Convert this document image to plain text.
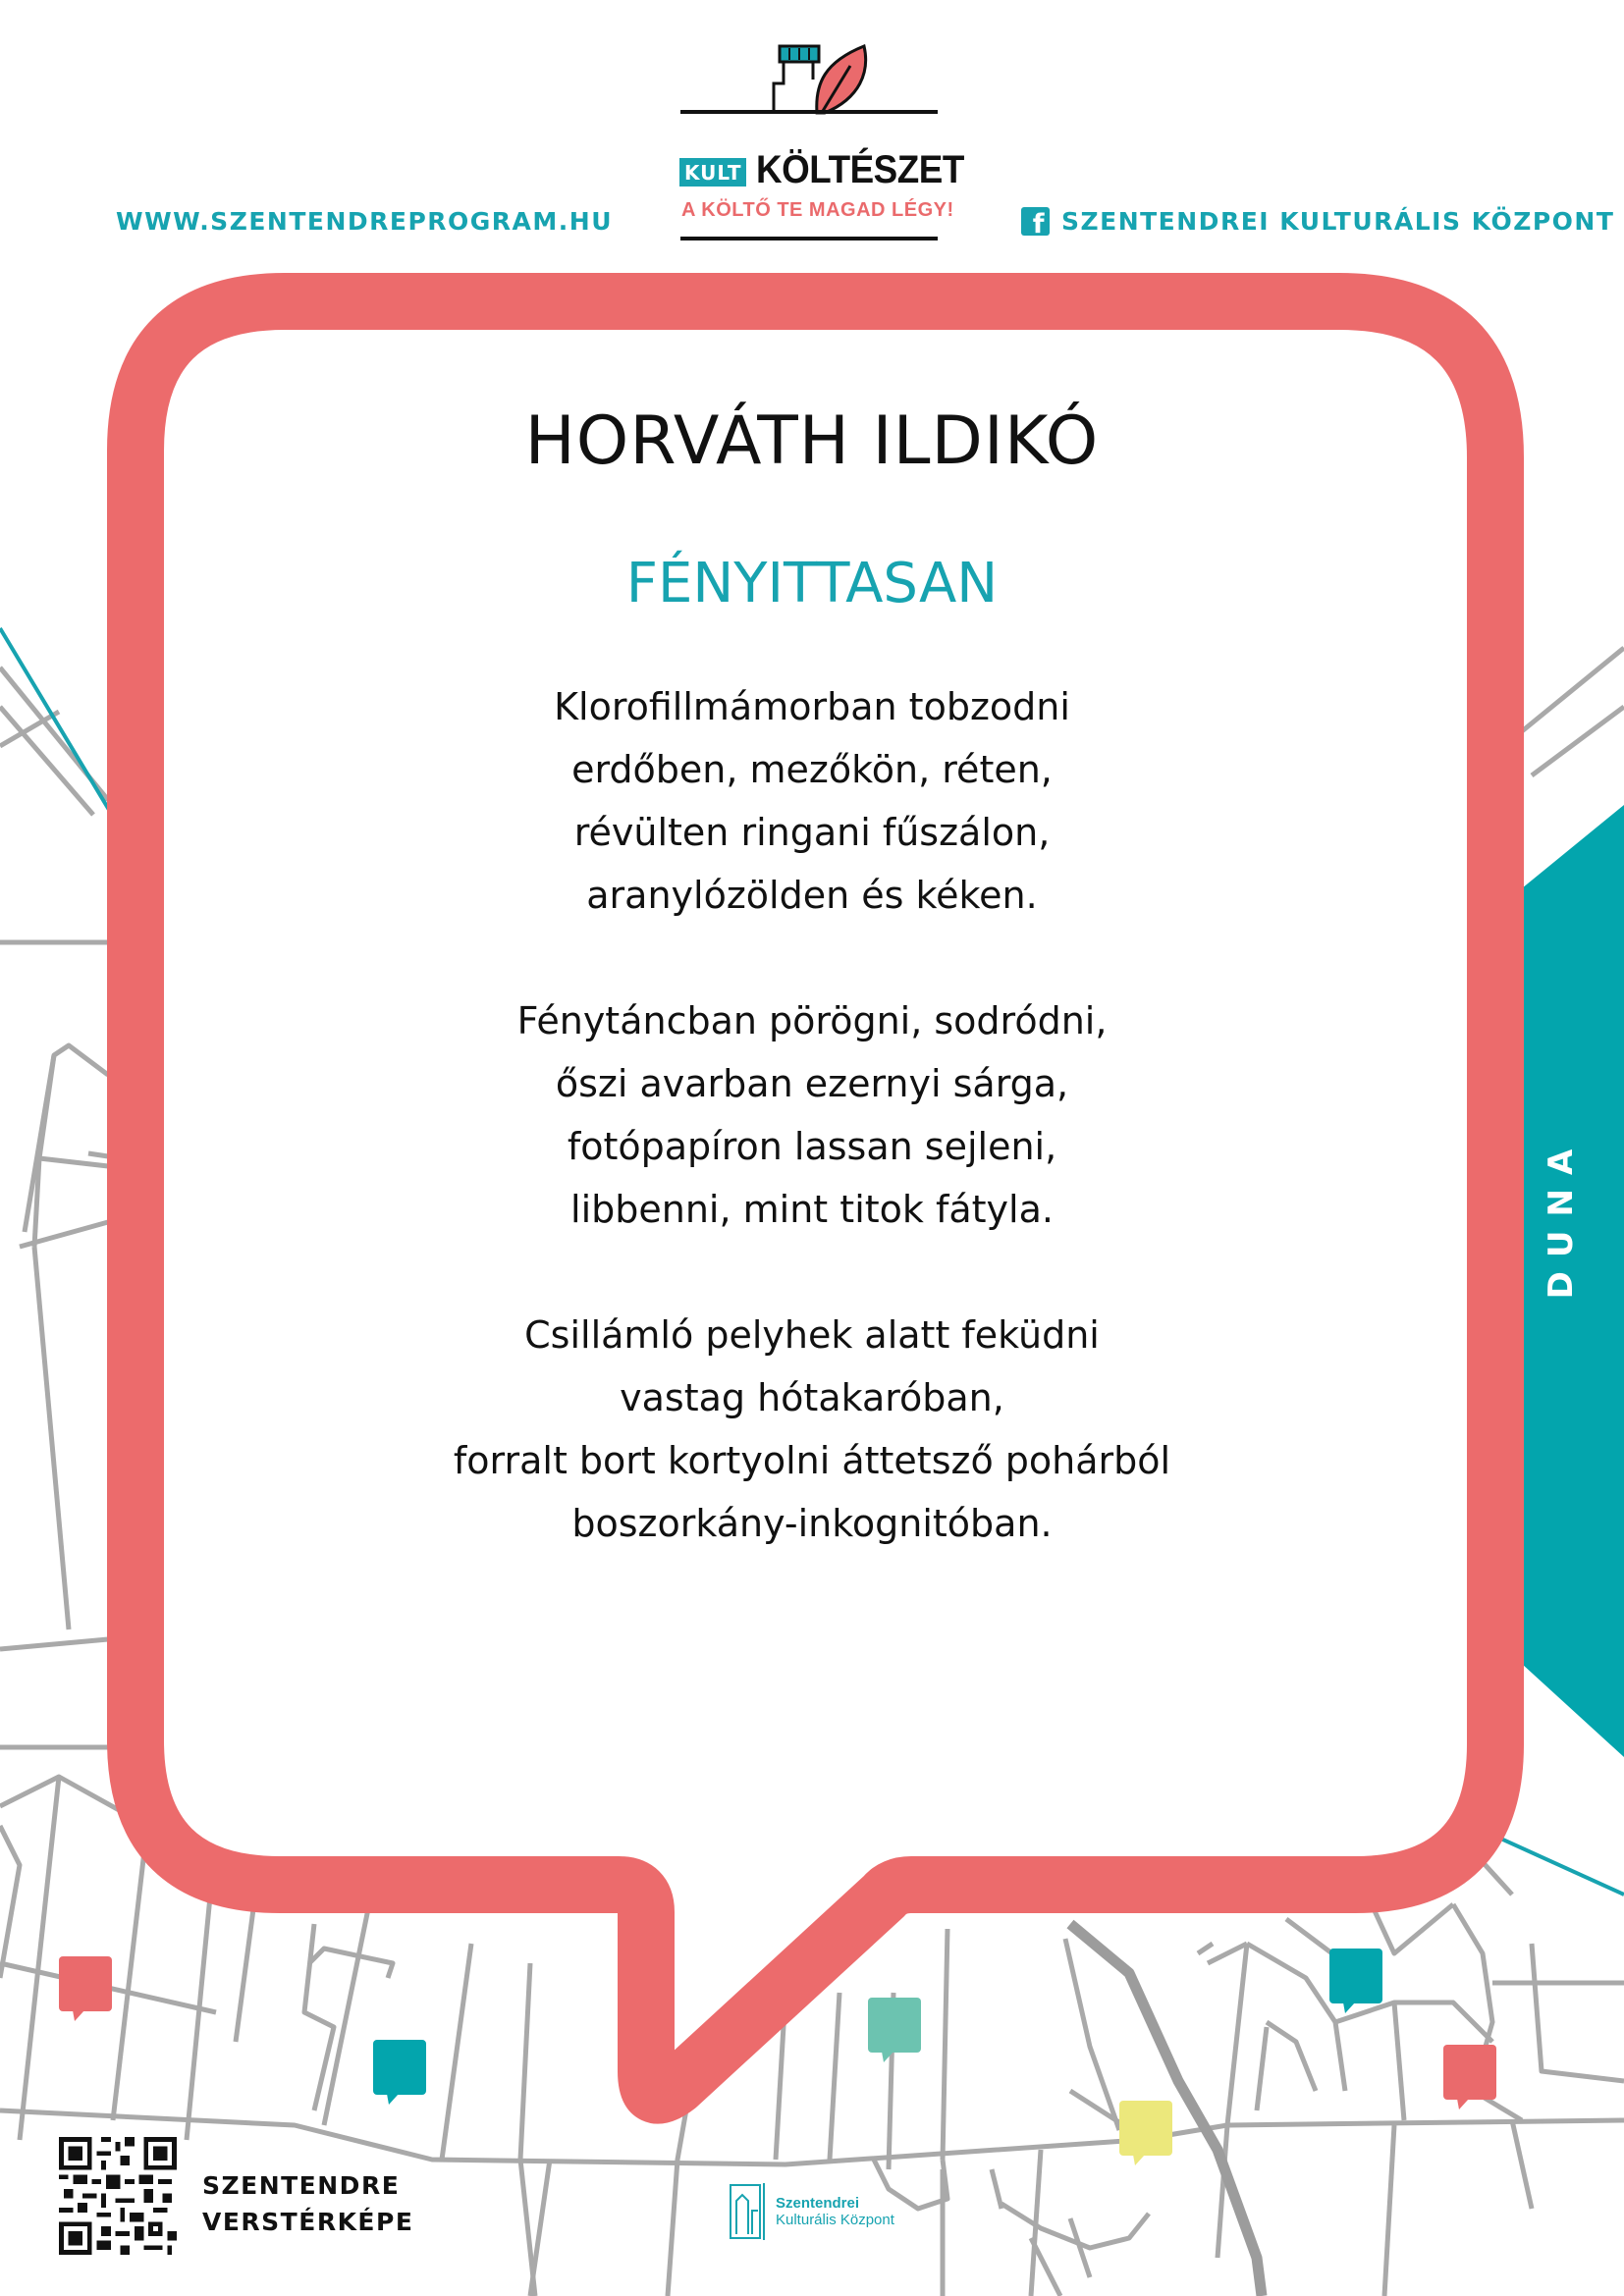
WWW.SZENTENDREPROGRAM.HU	f SZENTENDREI KULTURÁLIS KÖZPONT
KULT KÖLTÉSZET
A KÖLTŐ TE MAGAD LÉGY!
HORVÁTH ILDIKÓ
FÉNYITTASAN
Klorofillmámorban tobzodni
erdőben, mezőkön, réten,
révülten ringani fűszálon,
aranylózölden és kéken.
Fénytáncban pörögni, sodródni,
őszi avarban ezernyi sárga,
fotópapíron lassan sejleni,
libbenni, mint titok fátyla.
Csillámló pelyhek alatt feküdni
vastag hótakaróban,
forralt bort kortyolni áttetsző pohárból
boszorkány-inkognitóban.
DUNA
SZENTENDRE
VERSTÉRKÉPE
Szentendrei
Kulturális Központ
